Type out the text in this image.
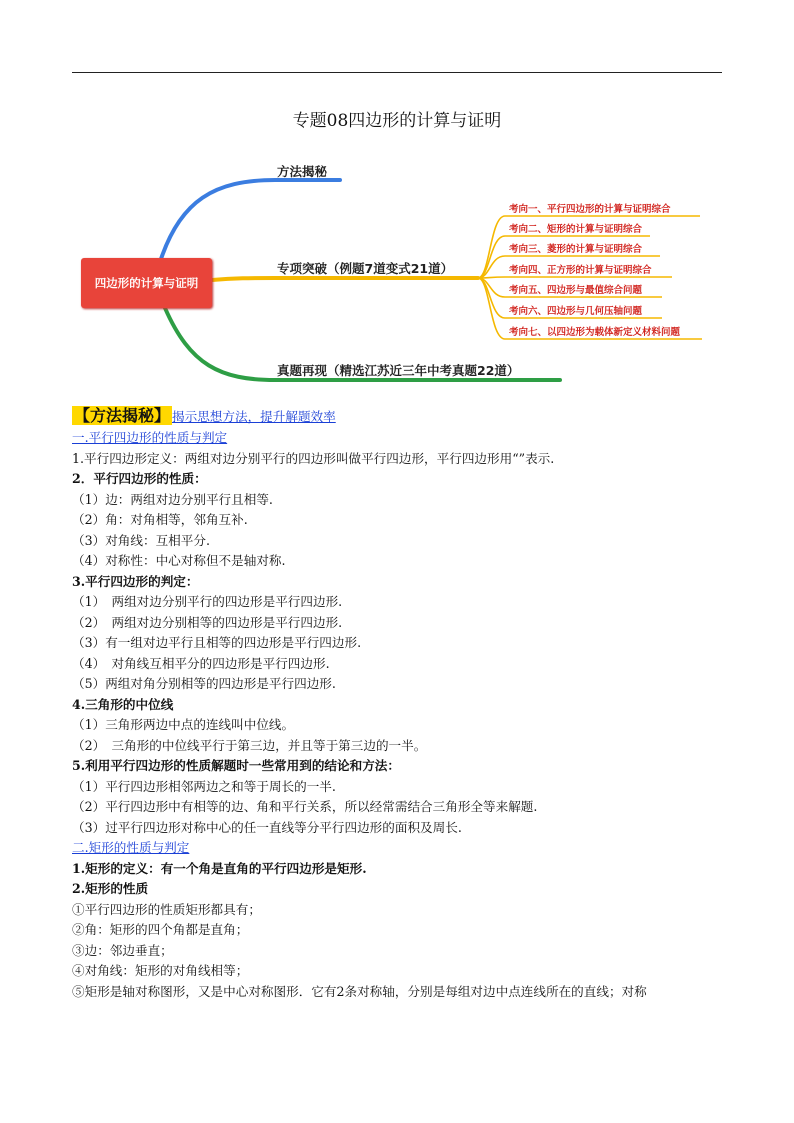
专题08四边形的计算与证明
四边形的计算与证明
方法揭秘
专项突破（例题7道变式21道）
真题再现（精选江苏近三年中考真题22道）
考向一、平行四边形的计算与证明综合
考向二、矩形的计算与证明综合
考向三、菱形的计算与证明综合
考向四、正方形的计算与证明综合
考向五、四边形与最值综合问题
考向六、四边形与几何压轴问题
考向七、以四边形为载体新定义材料问题
【方法揭秘】 揭示思想方法，提升解题效率
一.平行四边形的性质与判定
1.平行四边形定义：两组对边分别平行的四边形叫做平行四边形，平行四边形用“”表示.
2．平行四边形的性质：
（1）边：两组对边分别平行且相等.
（2）角：对角相等，邻角互补.
（3）对角线：互相平分.
（4）对称性：中心对称但不是轴对称.
3.平行四边形的判定：
（1）　两组对边分别平行的四边形是平行四边形.
（2）　两组对边分别相等的四边形是平行四边形.
（3）有一组对边平行且相等的四边形是平行四边形.
（4）　对角线互相平分的四边形是平行四边形.
（5）两组对角分别相等的四边形是平行四边形.
4.三角形的中位线
（1）三角形两边中点的连线叫中位线。
（2）　三角形的中位线平行于第三边，并且等于第三边的一半。
5.利用平行四边形的性质解题时一些常用到的结论和方法：
（1）平行四边形相邻两边之和等于周长的一半.
（2）平行四边形中有相等的边、角和平行关系，所以经常需结合三角形全等来解题.
（3）过平行四边形对称中心的任一直线等分平行四边形的面积及周长.
二.矩形的性质与判定
1.矩形的定义：有一个角是直角的平行四边形是矩形.
2.矩形的性质
①平行四边形的性质矩形都具有；
②角：矩形的四个角都是直角；
③边：邻边垂直；
④对角线：矩形的对角线相等；
⑤矩形是轴对称图形，又是中心对称图形．它有2条对称轴，分别是每组对边中点连线所在的直线；对称
